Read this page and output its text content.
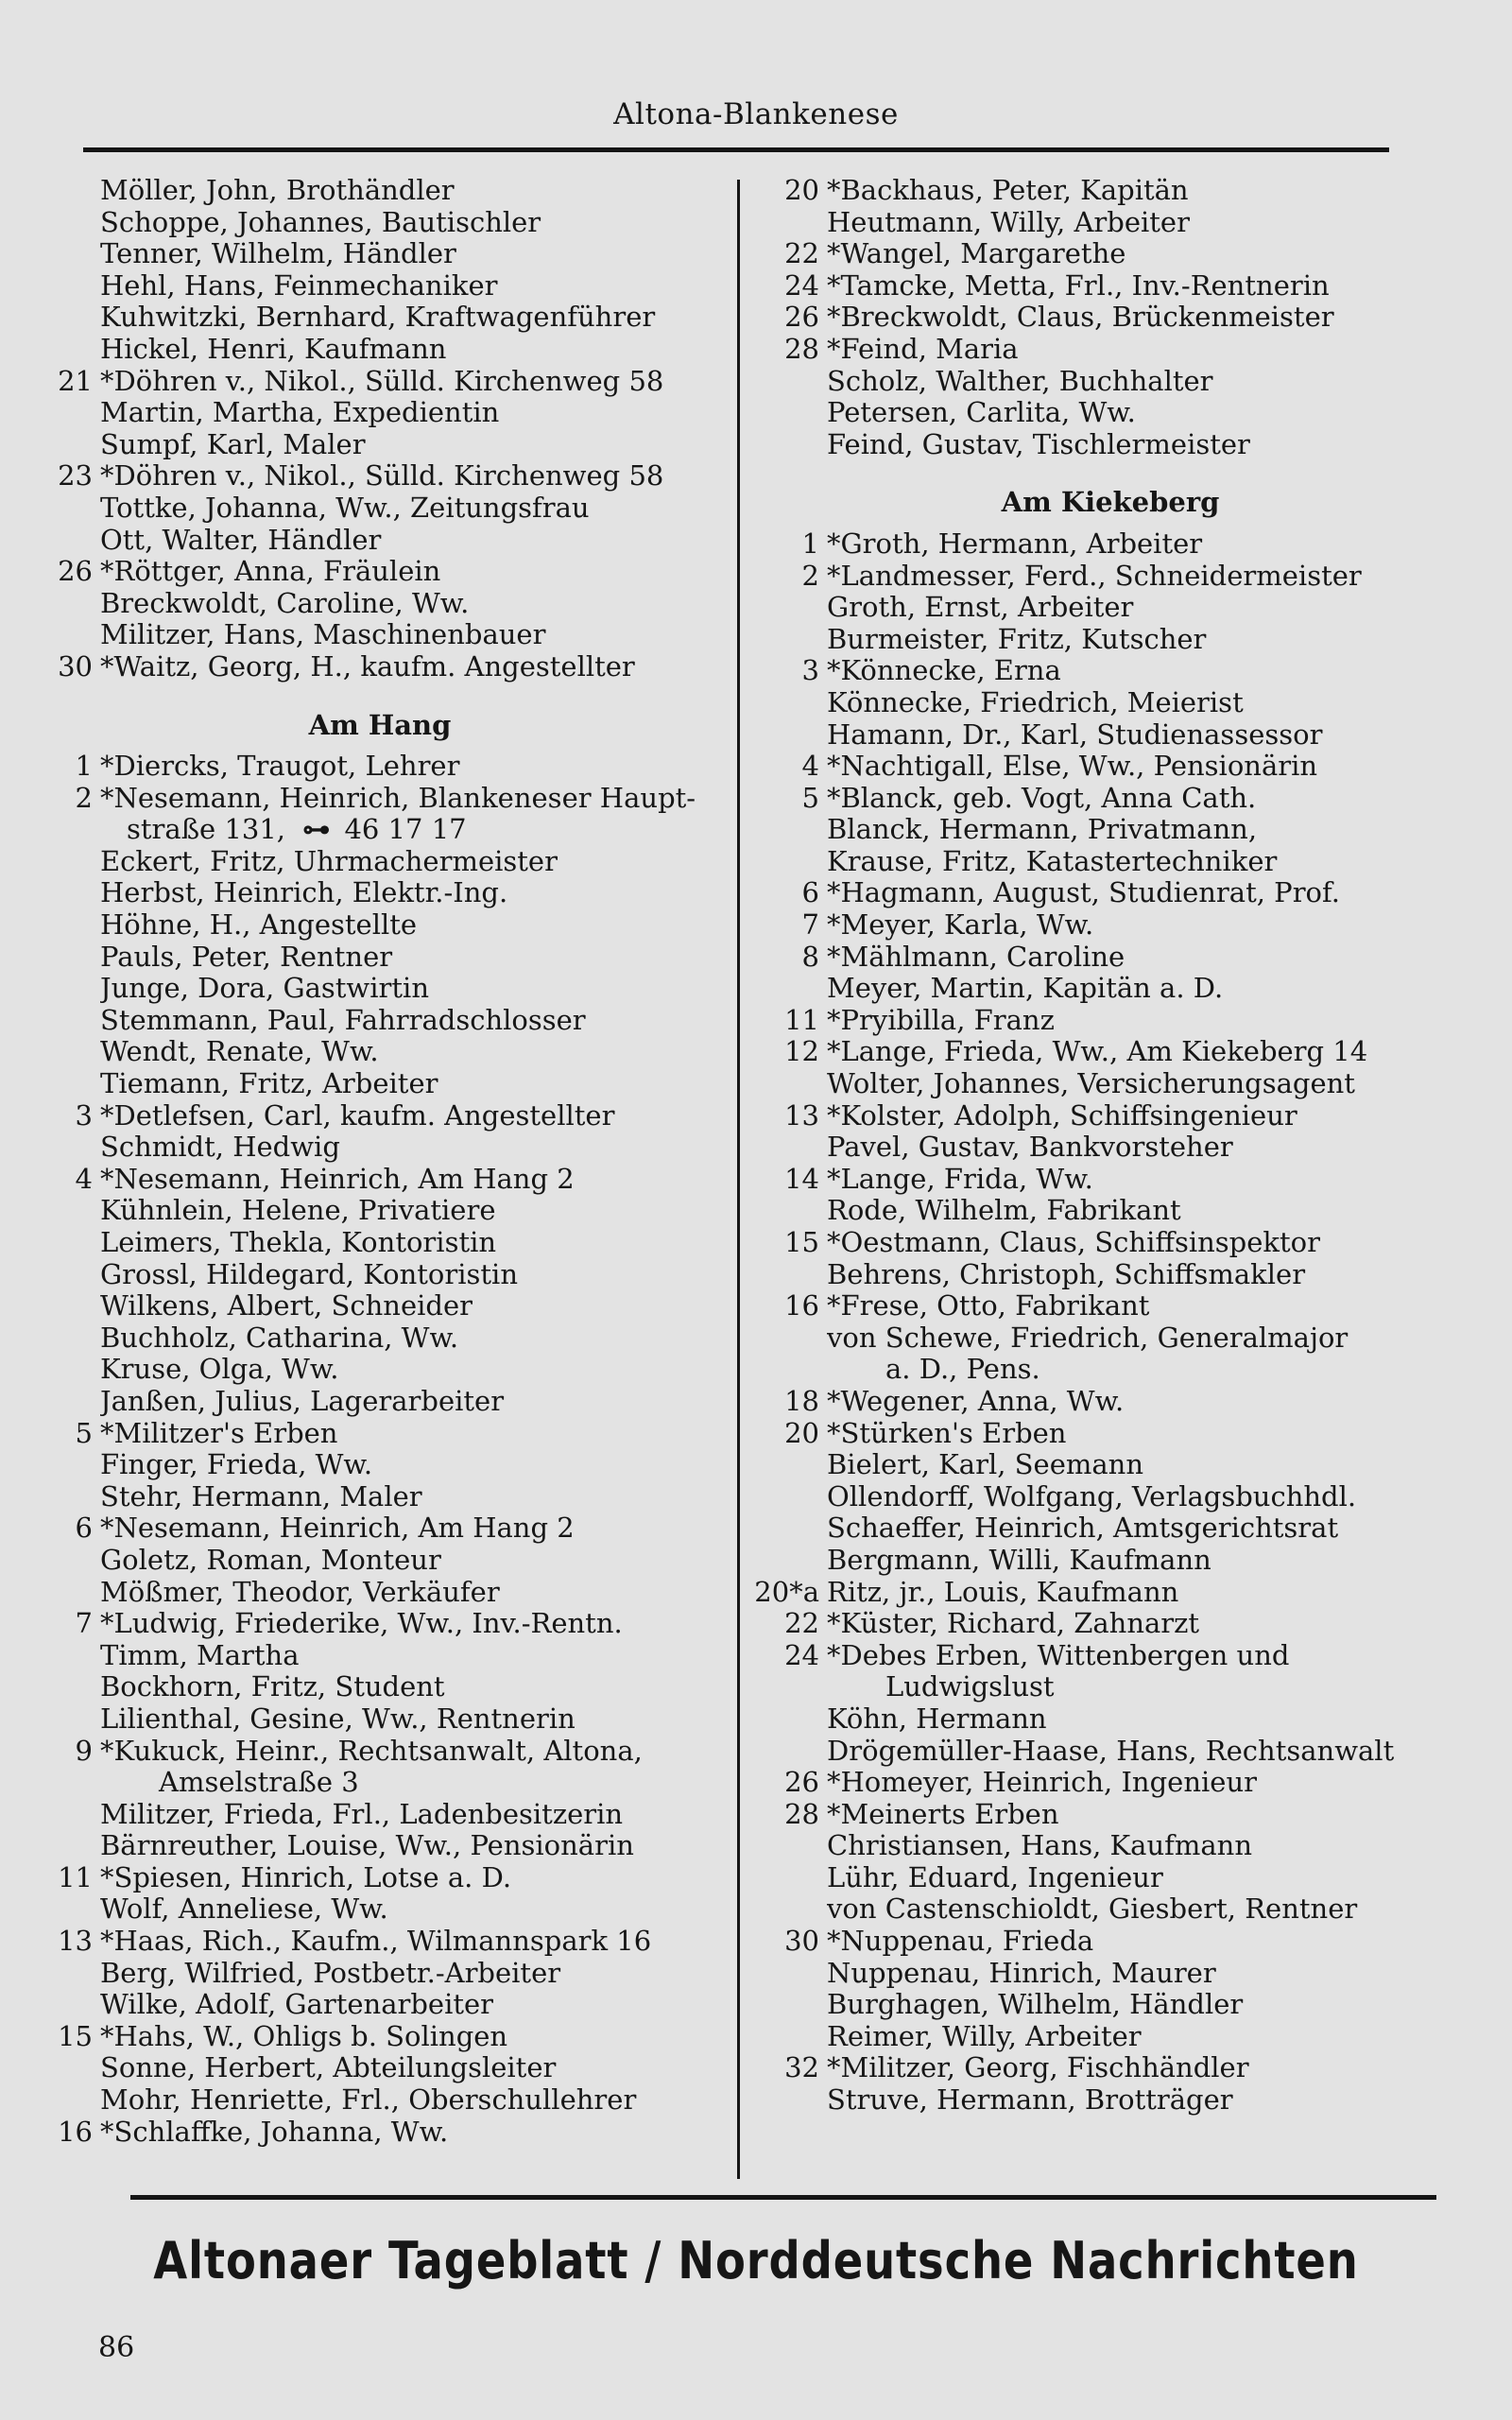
Altona-Blankenese
Möller, John, Brothändler
Schoppe, Johannes, Bautischler
Tenner, Wilhelm, Händler
Hehl, Hans, Feinmechaniker
Kuhwitzki, Bernhard, Kraftwagenführer
Hickel, Henri, Kaufmann
21 *Döhren v., Nikol., Sülld. Kirchenweg 58
Martin, Martha, Expedientin
Sumpf, Karl, Maler
23 *Döhren v., Nikol., Sülld. Kirchenweg 58
Tottke, Johanna, Ww., Zeitungsfrau
Ott, Walter, Händler
26 *Röttger, Anna, Fräulein
Breckwoldt, Caroline, Ww.
Militzer, Hans, Maschinenbauer
30 *Waitz, Georg, H., kaufm. Angestellter
Am Hang
1 *Diercks, Traugot, Lehrer
2 *Nesemann, Heinrich, Blankeneser Haupt-
straße 131, ⊶ 46 17 17
Eckert, Fritz, Uhrmachermeister
Herbst, Heinrich, Elektr.-Ing.
Höhne, H., Angestellte
Pauls, Peter, Rentner
Junge, Dora, Gastwirtin
Stemmann, Paul, Fahrradschlosser
Wendt, Renate, Ww.
Tiemann, Fritz, Arbeiter
3 *Detlefsen, Carl, kaufm. Angestellter
Schmidt, Hedwig
4 *Nesemann, Heinrich, Am Hang 2
Kühnlein, Helene, Privatiere
Leimers, Thekla, Kontoristin
Grossl, Hildegard, Kontoristin
Wilkens, Albert, Schneider
Buchholz, Catharina, Ww.
Kruse, Olga, Ww.
Janßen, Julius, Lagerarbeiter
5 *Militzer's Erben
Finger, Frieda, Ww.
Stehr, Hermann, Maler
6 *Nesemann, Heinrich, Am Hang 2
Goletz, Roman, Monteur
Mößmer, Theodor, Verkäufer
7 *Ludwig, Friederike, Ww., Inv.-Rentn.
Timm, Martha
Bockhorn, Fritz, Student
Lilienthal, Gesine, Ww., Rentnerin
9 *Kukuck, Heinr., Rechtsanwalt, Altona,
Amselstraße 3
Militzer, Frieda, Frl., Ladenbesitzerin
Bärnreuther, Louise, Ww., Pensionärin
11 *Spiesen, Hinrich, Lotse a. D.
Wolf, Anneliese, Ww.
13 *Haas, Rich., Kaufm., Wilmannspark 16
Berg, Wilfried, Postbetr.-Arbeiter
Wilke, Adolf, Gartenarbeiter
15 *Hahs, W., Ohligs b. Solingen
Sonne, Herbert, Abteilungsleiter
Mohr, Henriette, Frl., Oberschullehrer
16 *Schlaffke, Johanna, Ww.
20 *Backhaus, Peter, Kapitän
Heutmann, Willy, Arbeiter
22 *Wangel, Margarethe
24 *Tamcke, Metta, Frl., Inv.-Rentnerin
26 *Breckwoldt, Claus, Brückenmeister
28 *Feind, Maria
Scholz, Walther, Buchhalter
Petersen, Carlita, Ww.
Feind, Gustav, Tischlermeister
Am Kiekeberg
1 *Groth, Hermann, Arbeiter
2 *Landmesser, Ferd., Schneidermeister
Groth, Ernst, Arbeiter
Burmeister, Fritz, Kutscher
3 *Könnecke, Erna
Könnecke, Friedrich, Meierist
Hamann, Dr., Karl, Studienassessor
4 *Nachtigall, Else, Ww., Pensionärin
5 *Blanck, geb. Vogt, Anna Cath.
Blanck, Hermann, Privatmann,
Krause, Fritz, Katastertechniker
6 *Hagmann, August, Studienrat, Prof.
7 *Meyer, Karla, Ww.
8 *Mählmann, Caroline
Meyer, Martin, Kapitän a. D.
11 *Pryibilla, Franz
12 *Lange, Frieda, Ww., Am Kiekeberg 14
Wolter, Johannes, Versicherungsagent
13 *Kolster, Adolph, Schiffsingenieur
Pavel, Gustav, Bankvorsteher
14 *Lange, Frida, Ww.
Rode, Wilhelm, Fabrikant
15 *Oestmann, Claus, Schiffsinspektor
Behrens, Christoph, Schiffsmakler
16 *Frese, Otto, Fabrikant
von Schewe, Friedrich, Generalmajor
a. D., Pens.
18 *Wegener, Anna, Ww.
20 *Stürken's Erben
Bielert, Karl, Seemann
Ollendorff, Wolfgang, Verlagsbuchhdl.
Schaeffer, Heinrich, Amtsgerichtsrat
Bergmann, Willi, Kaufmann
20*a Ritz, jr., Louis, Kaufmann
22 *Küster, Richard, Zahnarzt
24 *Debes Erben, Wittenbergen und
Ludwigslust
Köhn, Hermann
Drögemüller-Haase, Hans, Rechtsanwalt
26 *Homeyer, Heinrich, Ingenieur
28 *Meinerts Erben
Christiansen, Hans, Kaufmann
Lühr, Eduard, Ingenieur
von Castenschioldt, Giesbert, Rentner
30 *Nuppenau, Frieda
Nuppenau, Hinrich, Maurer
Burghagen, Wilhelm, Händler
Reimer, Willy, Arbeiter
32 *Militzer, Georg, Fischhändler
Struve, Hermann, Brotträger
Altonaer Tageblatt / Norddeutsche Nachrichten
86
